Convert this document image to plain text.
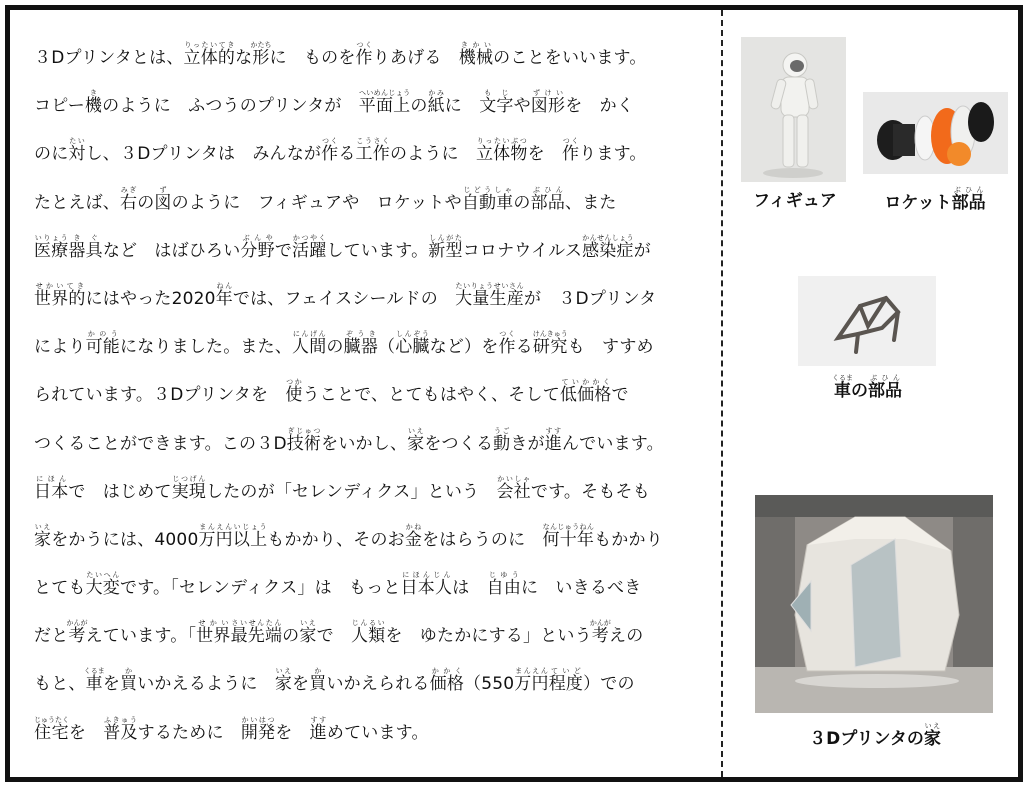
３Dプリンタとは、立体的りったいてきな形かたちに　ものを作つくりあげる　機械きかいのことをいいます。
コピー機きのように　ふつうのプリンタが　平面上へいめんじょうの紙かみに　文字もじや図形ずけいを　かく
のに対たいし、３Dプリンタは　みんなが作つくる工作こうさくのように　立体物りったいぶつを　作つくります。
たとえば、右みぎの図ずのように　フィギュアや　ロケットや自動車じどうしゃの部品ぶひん、また
医療いりょう器具きぐなど　はばひろい分野ぶんやで活躍かつやくしています。新型しんがたコロナウイルス感染症かんせんしょうが
世界的せかいてきにはやった2020年ねんでは、フェイスシールドの　大量生産たいりょうせいさんが　３Dプリンタ
により可能かのうになりました。また、人間にんげんの臓器ぞうき（心臓しんぞうなど）を作つくる研究けんきゅうも　すすめ
られています。３Dプリンタを　使つかうことで、とてもはやく、そして低価格ていかかくで
つくることができます。この３D技術ぎじゅつをいかし、家いえをつくる動うごきが進すすんでいます。
日本にほんで　はじめて実現じつげんしたのが「セレンディクス」という　会社かいしゃです。そもそも
家いえをかうには、4000万円まんえん以上いじょうもかかり、そのお金かねをはらうのに　何十年なんじゅうねんもかかり
とても大変たいへんです。「セレンディクス」は　もっと日本人にほんじんは　自由じゆうに　いきるべき
だと考かんがえています。「世界せかい最先端さいせんたんの家いえで　人類じんるいを　ゆたかにする」という考かんがえの
もと、車くるまを買かいかえるように　家いえを買かいかえられる価格かかく（550万円まんえん程度ていど）での
住宅じゅうたくを　普及ふきゅうするために　開発かいはつを　進すすめています。
フィギュア	ロケット部品ぶひん
車くるまの部品ぶひん
３Dプリンタの家いえ
